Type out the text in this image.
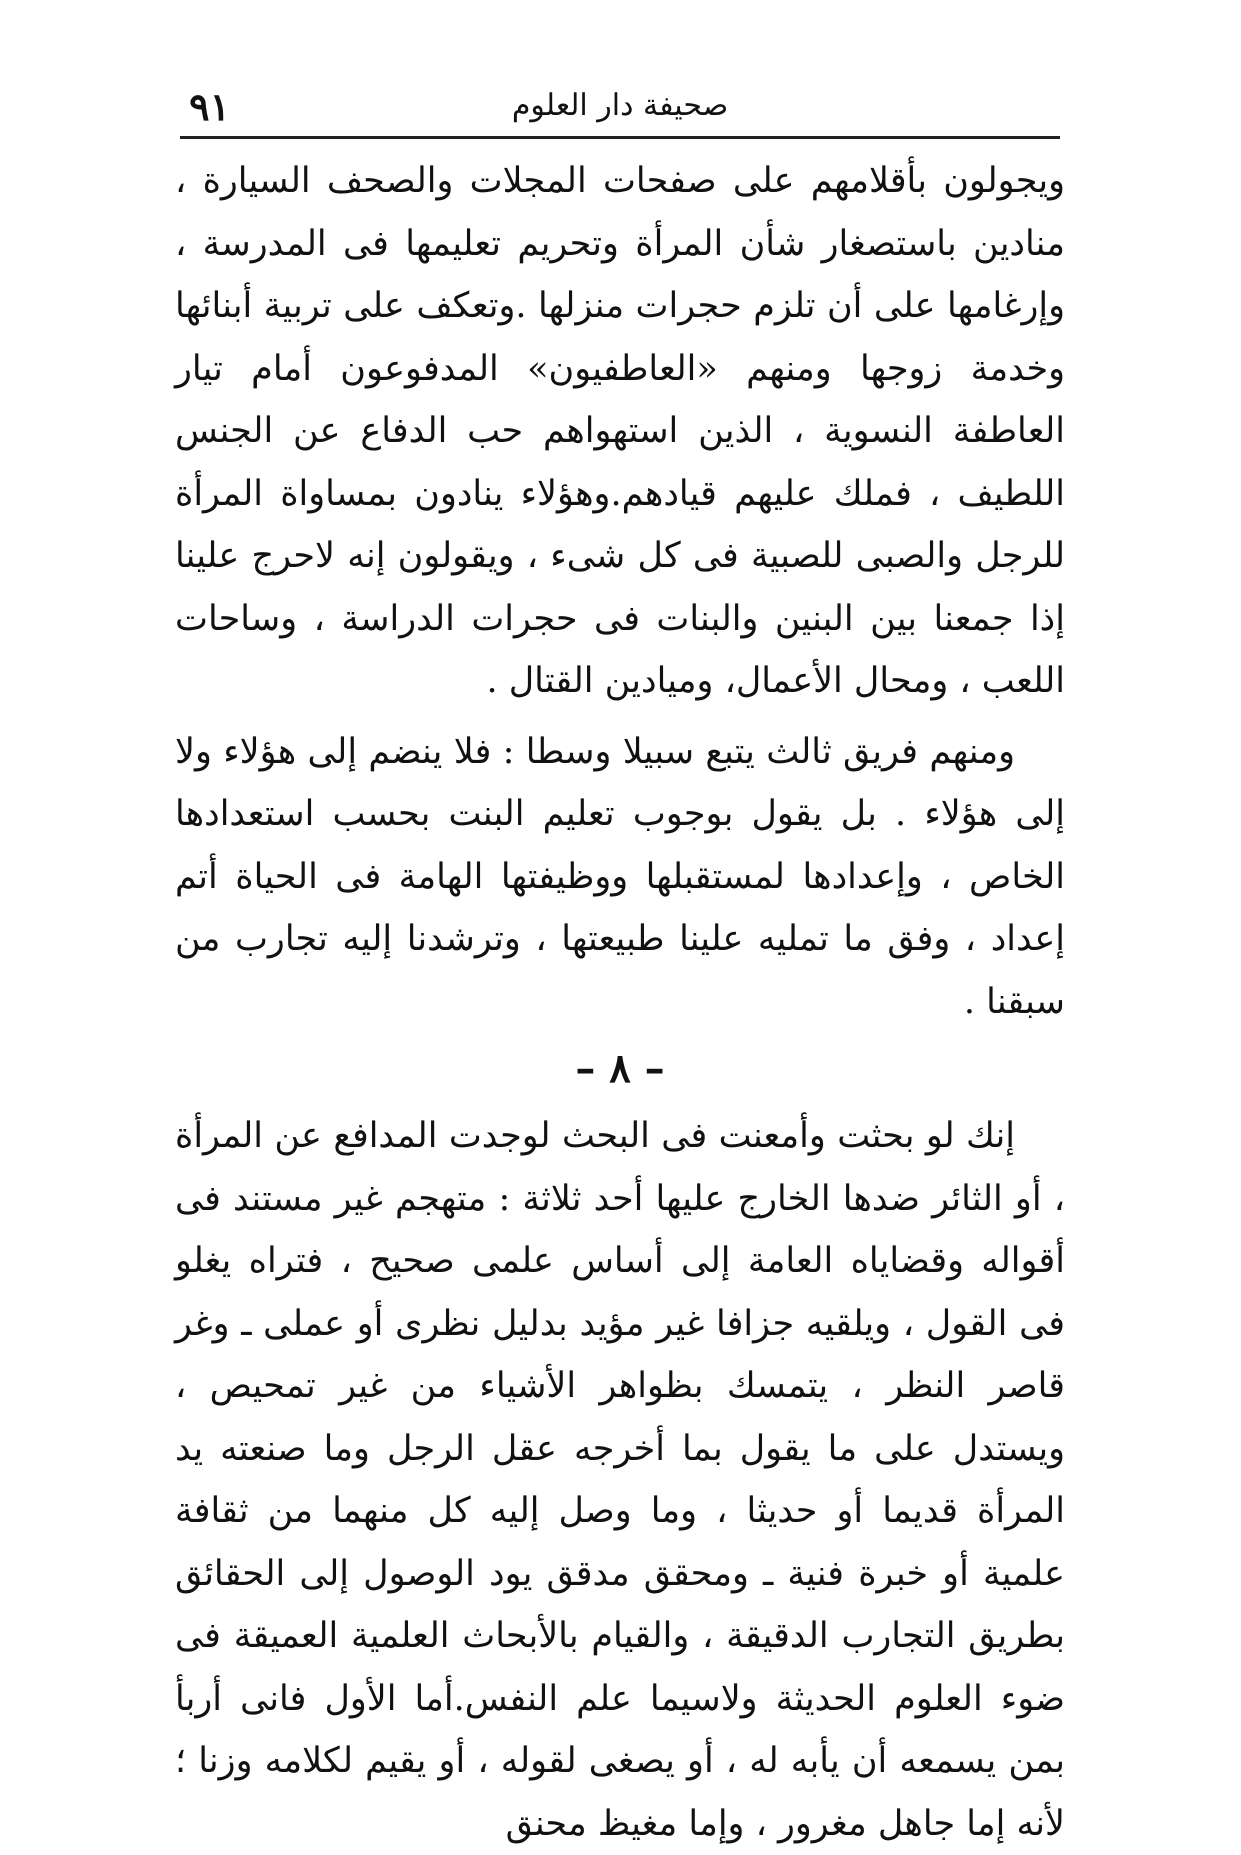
صحيفة دار العلوم
٩١

ويجولون بأقلامهم على صفحات المجلات والصحف السيارة ، منادين باستصغار شأن المرأة وتحريم تعليمها فى المدرسة ، وإرغامها على أن تلزم حجرات منزلها .وتعكف على تربية أبنائها وخدمة زوجها ومنهم «العاطفيون» المدفوعون أمام تيار العاطفة النسوية ، الذين استهواهم حب الدفاع عن الجنس اللطيف ، فملك عليهم قيادهم.وهؤلاء ينادون بمساواة المرأة للرجل والصبى للصبية فى كل شىء ، ويقولون إنه لاحرج علينا إذا جمعنا بين البنين والبنات فى حجرات الدراسة ، وساحات اللعب ، ومحال الأعمال، وميادين القتال .

ومنهم فريق ثالث يتبع سبيلا وسطا : فلا ينضم إلى هؤلاء ولا إلى هؤلاء . بل يقول بوجوب تعليم البنت بحسب استعدادها الخاص ، وإعدادها لمستقبلها ووظيفتها الهامة فى الحياة أتم إعداد ، وفق ما تمليه علينا طبيعتها ، وترشدنا إليه تجارب من سبقنا .

– ٨ –

إنك لو بحثت وأمعنت فى البحث لوجدت المدافع عن المرأة ، أو الثائر ضدها الخارج عليها أحد ثلاثة : متهجم غير مستند فى أقواله وقضاياه العامة إلى أساس علمى صحيح ، فتراه يغلو فى القول ، ويلقيه جزافا غير مؤيد بدليل نظرى أو عملى ـ وغر قاصر النظر ، يتمسك بظواهر الأشياء من غير تمحيص ، ويستدل على ما يقول بما أخرجه عقل الرجل وما صنعته يد المرأة قديما أو حديثا ، وما وصل إليه كل منهما من ثقافة علمية أو خبرة فنية ـ ومحقق مدقق يود الوصول إلى الحقائق بطريق التجارب الدقيقة ، والقيام بالأبحاث العلمية العميقة فى ضوء العلوم الحديثة ولاسيما علم النفس.أما الأول فانى أربأ بمن يسمعه أن يأبه له ، أو يصغى لقوله ، أو يقيم لكلامه وزنا ؛ لأنه إما جاهل مغرور ، وإما مغيظ محنق
